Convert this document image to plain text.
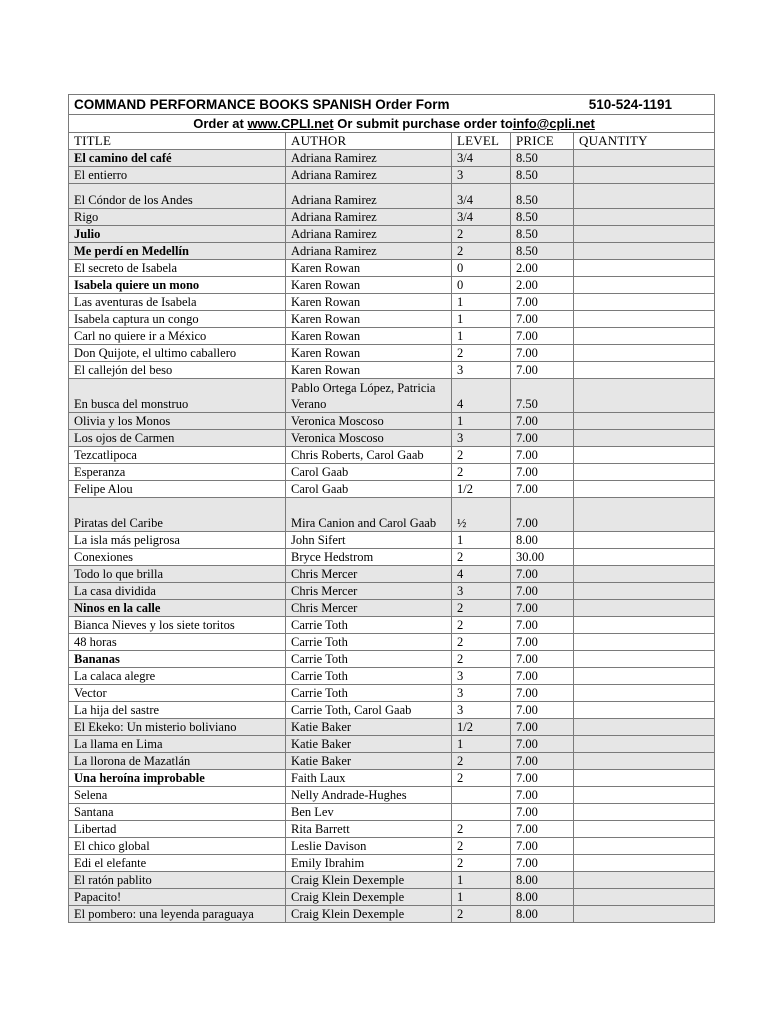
COMMAND PERFORMANCE BOOKS SPANISH Order Form 510-524-1191				

Order at www.CPLI.net Or submit purchase order toinfo@cpli.net				
TITLE	AUTHOR	LEVEL	PRICE	QUANTITY
El camino del café	Adriana Ramirez	3/4	8.50	
El entierro	Adriana Ramirez	3	8.50	
El Cóndor de los Andes	Adriana Ramirez	3/4	8.50	
Rigo	Adriana Ramirez	3/4	8.50	
Julio	Adriana Ramirez	2	8.50	
Me perdí en Medellín	Adriana Ramirez	2	8.50	
El secreto de Isabela	Karen Rowan	0	2.00	
Isabela quiere un mono	Karen Rowan	0	2.00	
Las aventuras de Isabela	Karen Rowan	1	7.00	
Isabela captura un congo	Karen Rowan	1	7.00	
Carl no quiere ir a México	Karen Rowan	1	7.00	
Don Quijote, el ultimo caballero	Karen Rowan	2	7.00	
El callejón del beso	Karen Rowan	3	7.00	
En busca del monstruo	Pablo Ortega López, Patricia Verano	4	7.50	
Olivia y los Monos	Veronica Moscoso	1	7.00	
Los ojos de Carmen	Veronica Moscoso	3	7.00	
Tezcatlipoca	Chris Roberts, Carol Gaab	2	7.00	
Esperanza	Carol Gaab	2	7.00	
Felipe Alou	Carol Gaab	1/2	7.00	
Piratas del Caribe	Mira Canion and Carol Gaab	½	7.00	
La isla más peligrosa	John Sifert	1	8.00	
Conexiones	Bryce Hedstrom	2	30.00	
Todo lo que brilla	Chris Mercer	4	7.00	
La casa dividida	Chris Mercer	3	7.00	
Ninos en la calle	Chris Mercer	2	7.00	
Bianca Nieves y los siete toritos	Carrie Toth	2	7.00	
48 horas	Carrie Toth	2	7.00	
Bananas	Carrie Toth	2	7.00	
La calaca alegre	Carrie Toth	3	7.00	
Vector	Carrie Toth	3	7.00	
La hija del sastre	Carrie Toth, Carol Gaab	3	7.00	
El Ekeko: Un misterio boliviano	Katie Baker	1/2	7.00	
La llama en Lima	Katie Baker	1	7.00	
La llorona de Mazatlán	Katie Baker	2	7.00	
Una heroína improbable	Faith Laux	2	7.00	
Selena	Nelly Andrade-Hughes		7.00	
Santana	Ben Lev		7.00	
Libertad	Rita Barrett	2	7.00	
El chico global	Leslie Davison	2	7.00	
Edi el elefante	Emily Ibrahim	2	7.00	
El ratón pablito	Craig Klein Dexemple	1	8.00	
Papacito!	Craig Klein Dexemple	1	8.00	
El pombero: una leyenda paraguaya	Craig Klein Dexemple	2	8.00	
